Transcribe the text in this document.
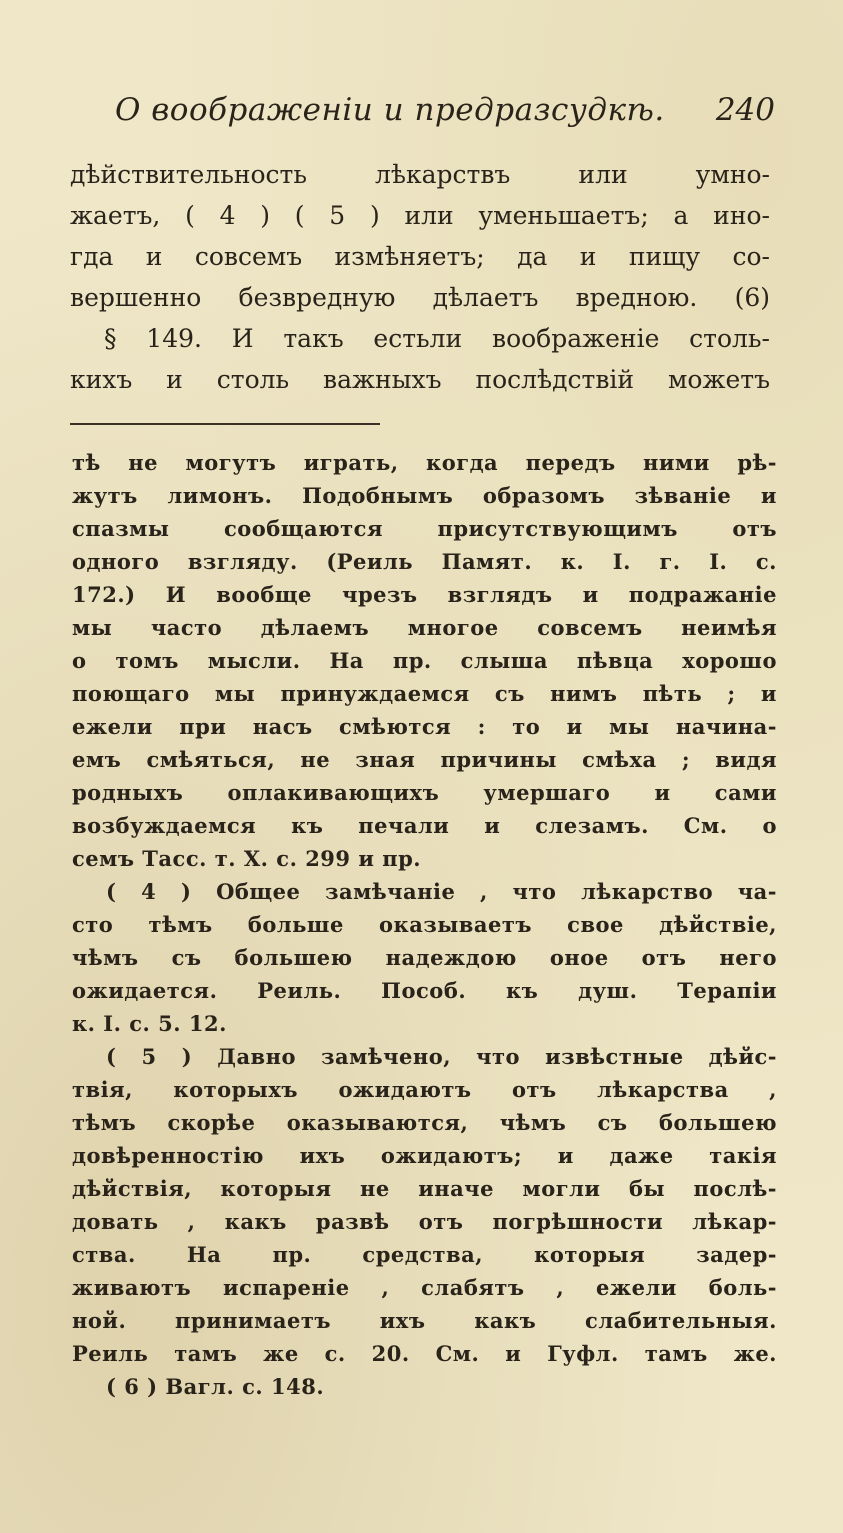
О воображенiи и предразсудкѣ. 240
дѣйствительность лѣкарствъ или умно-
жаетъ, ( 4 ) ( 5 ) или уменьшаетъ; а ино-
гда и совсемъ измѣняетъ; да и пищу со-
вершенно безвредную дѣлаетъ вредною. (6)
§ 149. И такъ естьли воображенiе столь-
кихъ и столь важныхъ послѣдствiй можетъ
тѣ не могутъ играть, когда передъ ними рѣ-
жутъ лимонъ. Подобнымъ образомъ зѣванiе и
спазмы сообщаются присутствующимъ отъ
одного взгляду. (Реиль Памят. к. I. г. I. с.
172.) И вообще чрезъ взглядъ и подражанiе
мы часто дѣлаемъ многое совсемъ неимѣя
о томъ мысли. На пр. слыша пѣвца хорошо
поющаго мы принуждаемся съ нимъ пѣть ; и
ежели при насъ смѣются : то и мы начина-
емъ смѣяться, не зная причины смѣха ; видя
родныхъ оплакивающихъ умершаго и сами
возбуждаемся къ печали и слезамъ. См. о
семъ Тасс. т. X. с. 299 и пр.
( 4 ) Общее замѣчанiе , что лѣкарство ча-
сто тѣмъ больше оказываетъ свое дѣйствiе,
чѣмъ съ большею надеждою оное отъ него
ожидается. Реиль. Пособ. къ душ. Терапiи
к. I. с. 5. 12.
( 5 ) Давно замѣчено, что извѣстные дѣйс-
твiя, которыхъ ожидаютъ отъ лѣкарства ,
тѣмъ скорѣе оказываются, чѣмъ съ большею
довѣренностiю ихъ ожидаютъ; и даже такiя
дѣйствiя, которыя не иначе могли бы послѣ-
довать , какъ развѣ отъ погрѣшности лѣкар-
ства. На пр. средства, которыя задер-
живаютъ испаренiе , слабятъ , ежели боль-
ной. принимаетъ ихъ какъ слабительныя.
Реиль тамъ же с. 20. См. и Гуфл. тамъ же.
( 6 ) Вагл. с. 148.
